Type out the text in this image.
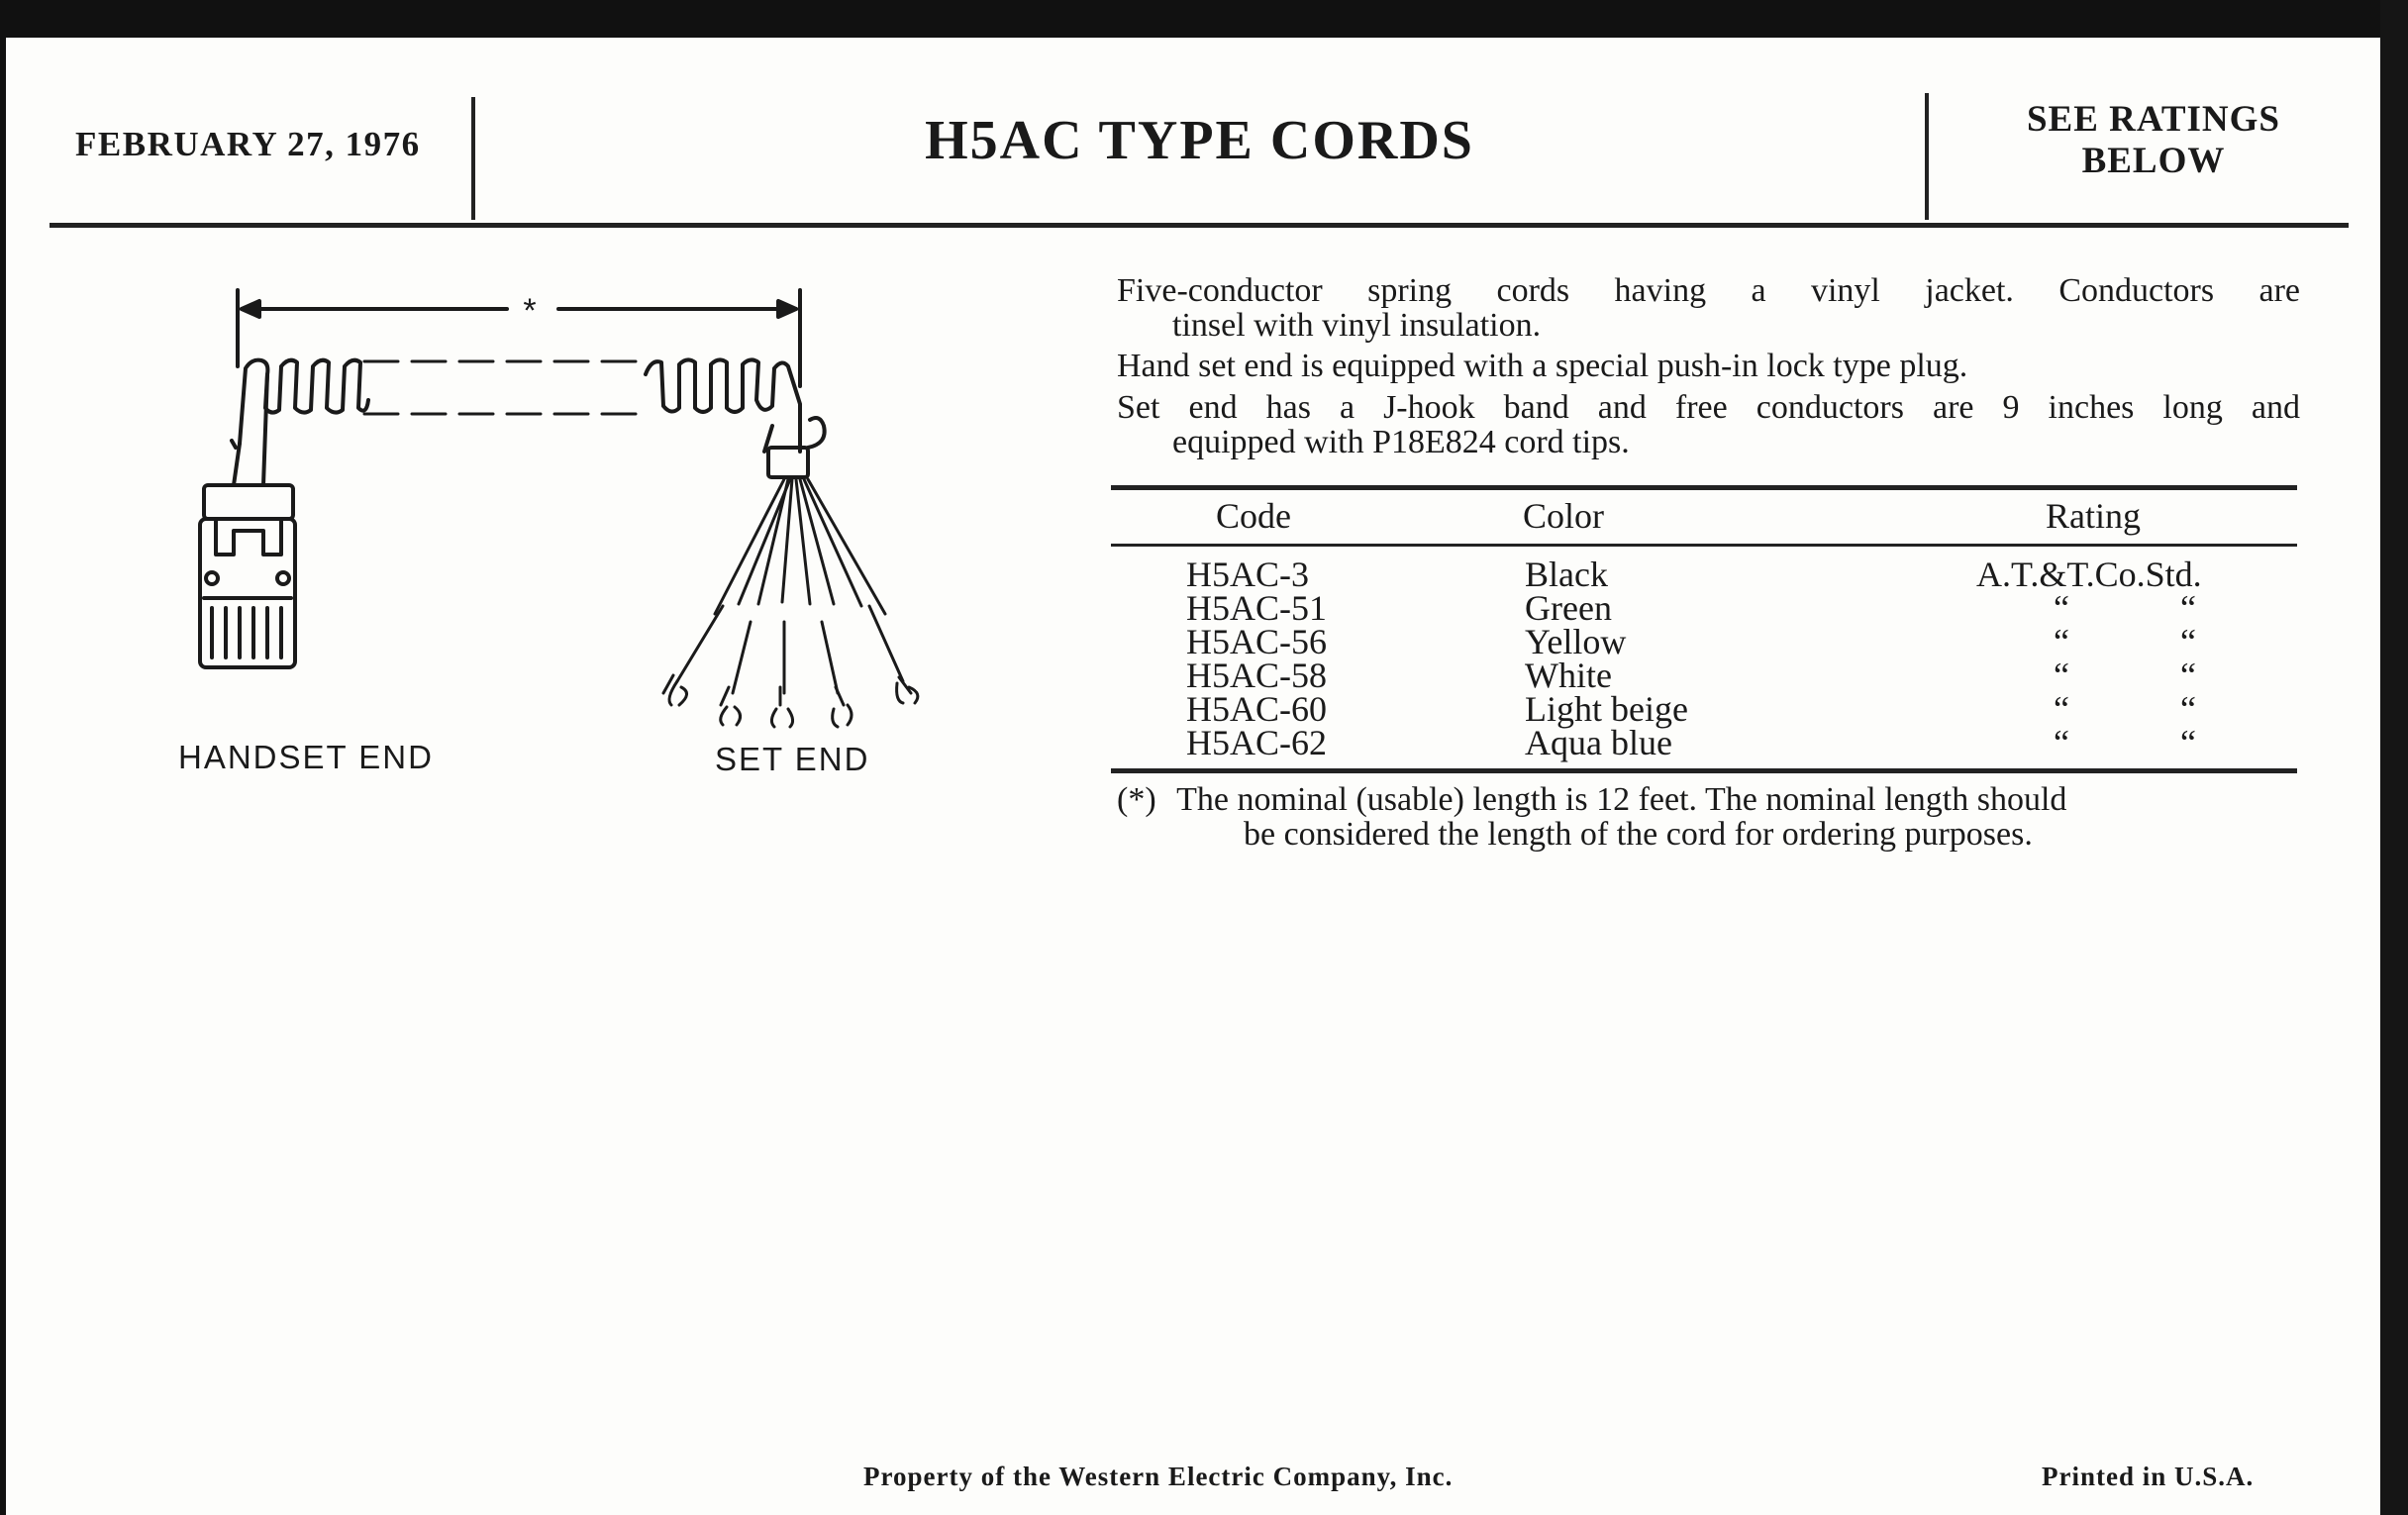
FEBRUARY 27, 1976	H5AC TYPE CORDS	SEE RATINGS
BELOW
*
HANDSET END	SET END
Five-conductor spring cords having a vinyl jacket. Conductors are
tinsel with vinyl insulation.
Hand set end is equipped with a special push-in lock type plug.
Set end has a J-hook band and free conductors are 9 inches long and
equipped with P18E824 cord tips.
Code	Color	Rating
H5AC-3	Black	A.T.&T.Co.Std.
H5AC-51	Green	“	“
H5AC-56	Yellow	“	“
H5AC-58	White	“	“
H5AC-60	Light beige	“	“
H5AC-62	Aqua blue	“	“
(*) The nominal (usable) length is 12 feet. The nominal length should
be considered the length of the cord for ordering purposes.
Property of the Western Electric Company, Inc.	Printed in U.S.A.
